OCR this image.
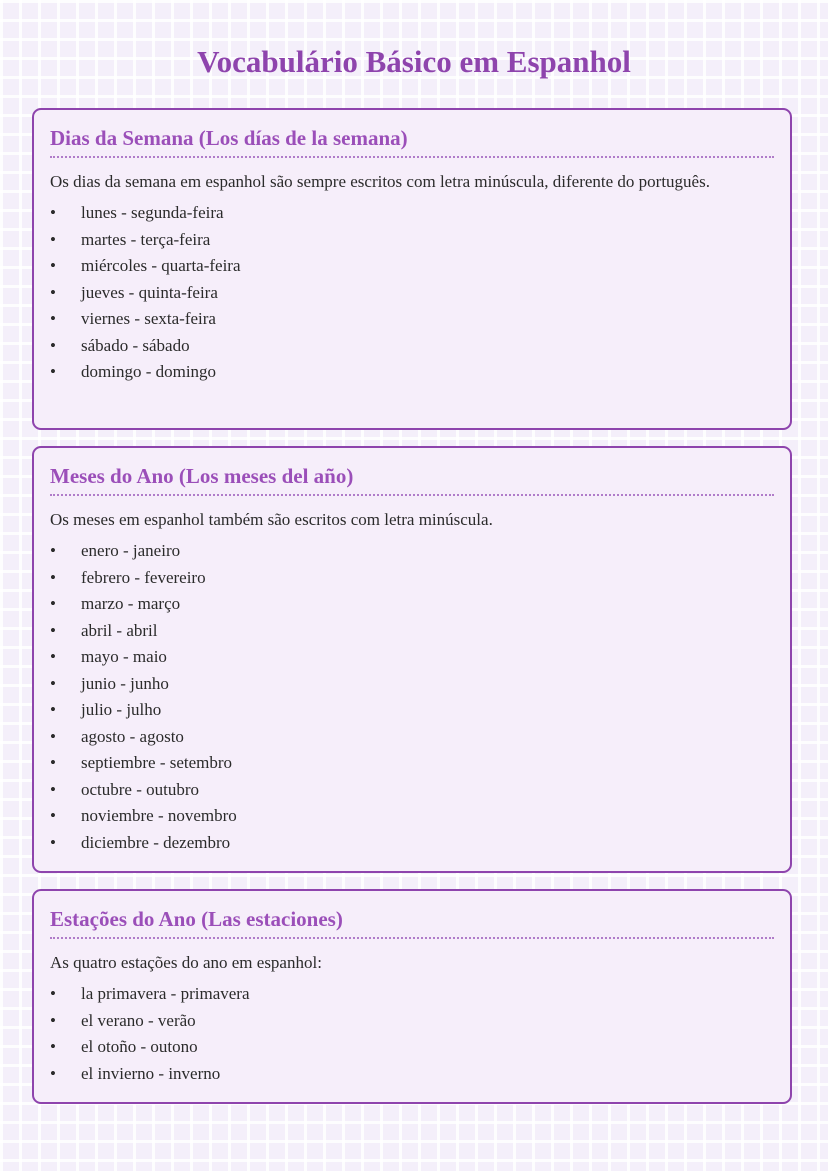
Vocabulário Básico em Espanhol
Dias da Semana (Los días de la semana)

Os dias da semana em espanhol são sempre escritos com letra minúscula, diferente do português.

• lunes - segunda-feira
• martes - terça-feira
• miércoles - quarta-feira
• jueves - quinta-feira
• viernes - sexta-feira
• sábado - sábado
• domingo - domingo
Meses do Ano (Los meses del año)

Os meses em espanhol também são escritos com letra minúscula.

• enero - janeiro
• febrero - fevereiro
• marzo - março
• abril - abril
• mayo - maio
• junio - junho
• julio - julho
• agosto - agosto
• septiembre - setembro
• octubre - outubro
• noviembre - novembro
• diciembre - dezembro
Estações do Ano (Las estaciones)

As quatro estações do ano em espanhol:

• la primavera - primavera
• el verano - verão
• el otoño - outono
• el invierno - inverno
